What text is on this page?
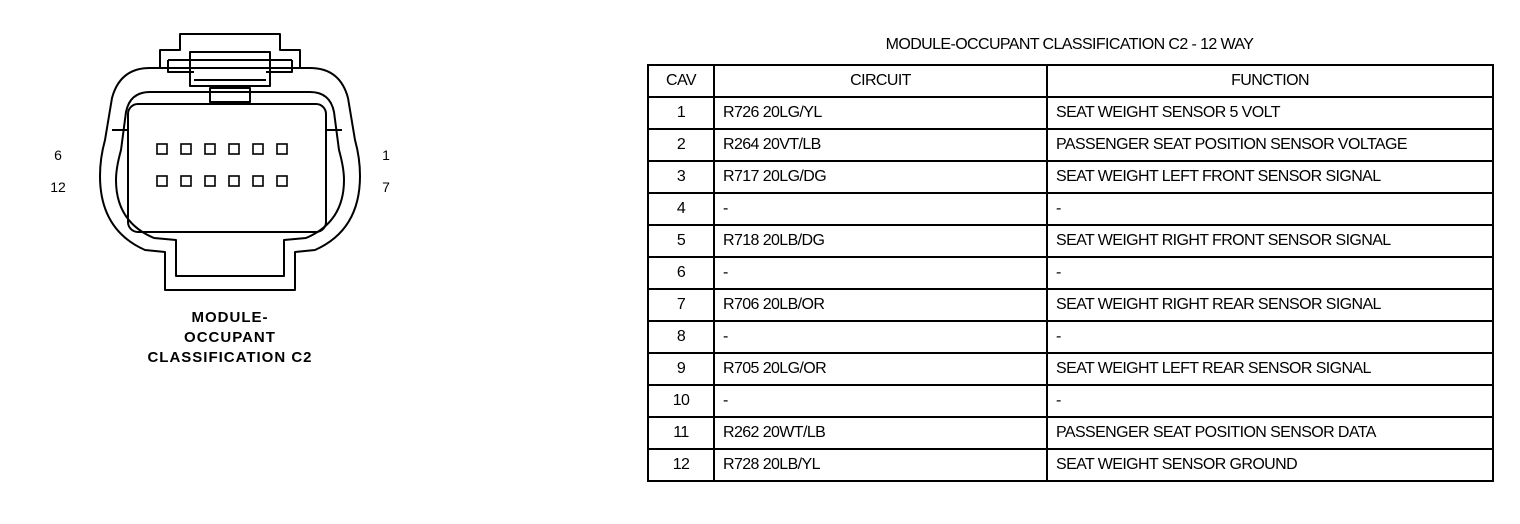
6
12
1
7
MODULE-
OCCUPANT
CLASSIFICATION C2
MODULE-OCCUPANT CLASSIFICATION C2 - 12 WAY
CAV	CIRCUIT	FUNCTION
1	R726 20LG/YL	SEAT WEIGHT SENSOR 5 VOLT
2	R264 20VT/LB	PASSENGER SEAT POSITION SENSOR VOLTAGE
3	R717 20LG/DG	SEAT WEIGHT LEFT FRONT SENSOR SIGNAL
4	-	-
5	R718 20LB/DG	SEAT WEIGHT RIGHT FRONT SENSOR SIGNAL
6	-	-
7	R706 20LB/OR	SEAT WEIGHT RIGHT REAR SENSOR SIGNAL
8	-	-
9	R705 20LG/OR	SEAT WEIGHT LEFT REAR SENSOR SIGNAL
10	-	-
11	R262 20WT/LB	PASSENGER SEAT POSITION SENSOR DATA
12	R728 20LB/YL	SEAT WEIGHT SENSOR GROUND
